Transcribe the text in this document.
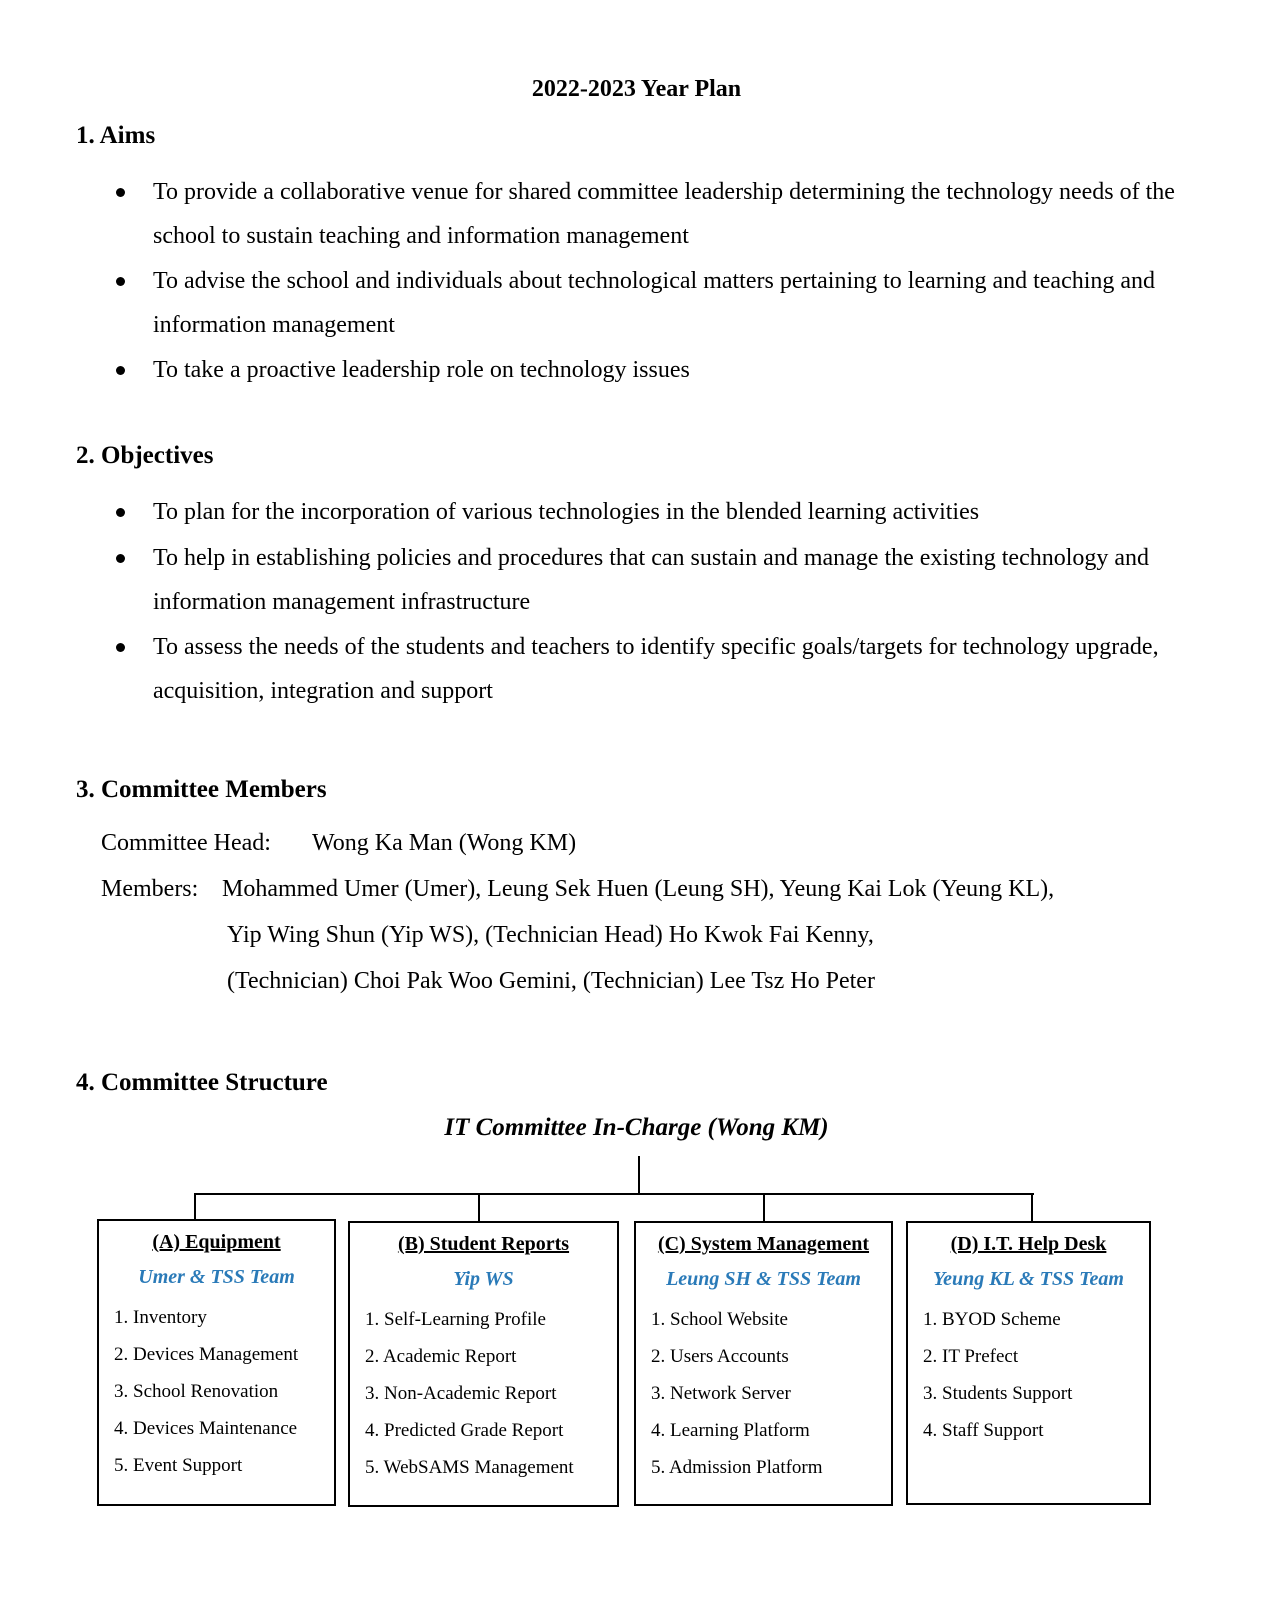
2022-2023 Year Plan
1. Aims
To provide a collaborative venue for shared committee leadership determining the technology needs of the school to sustain teaching and information management
To advise the school and individuals about technological matters pertaining to learning and teaching and information management
To take a proactive leadership role on technology issues
2. Objectives
To plan for the incorporation of various technologies in the blended learning activities
To help in establishing policies and procedures that can sustain and manage the existing technology and information management infrastructure
To assess the needs of the students and teachers to identify specific goals/targets for technology upgrade, acquisition, integration and support
3. Committee Members
Committee Head: Wong Ka Man (Wong KM)
Members: Mohammed Umer (Umer), Leung Sek Huen (Leung SH), Yeung Kai Lok (Yeung KL),
Yip Wing Shun (Yip WS), (Technician Head) Ho Kwok Fai Kenny,
(Technician) Choi Pak Woo Gemini, (Technician) Lee Tsz Ho Peter
4. Committee Structure
IT Committee In-Charge (Wong KM)
(A) Equipment
Umer & TSS Team
1. Inventory
2. Devices Management
3. School Renovation
4. Devices Maintenance
5. Event Support
(B) Student Reports
Yip WS
1. Self-Learning Profile
2. Academic Report
3. Non-Academic Report
4. Predicted Grade Report
5. WebSAMS Management
(C) System Management
Leung SH & TSS Team
1. School Website
2. Users Accounts
3. Network Server
4. Learning Platform
5. Admission Platform
(D) I.T. Help Desk
Yeung KL & TSS Team
1. BYOD Scheme
2. IT Prefect
3. Students Support
4. Staff Support
